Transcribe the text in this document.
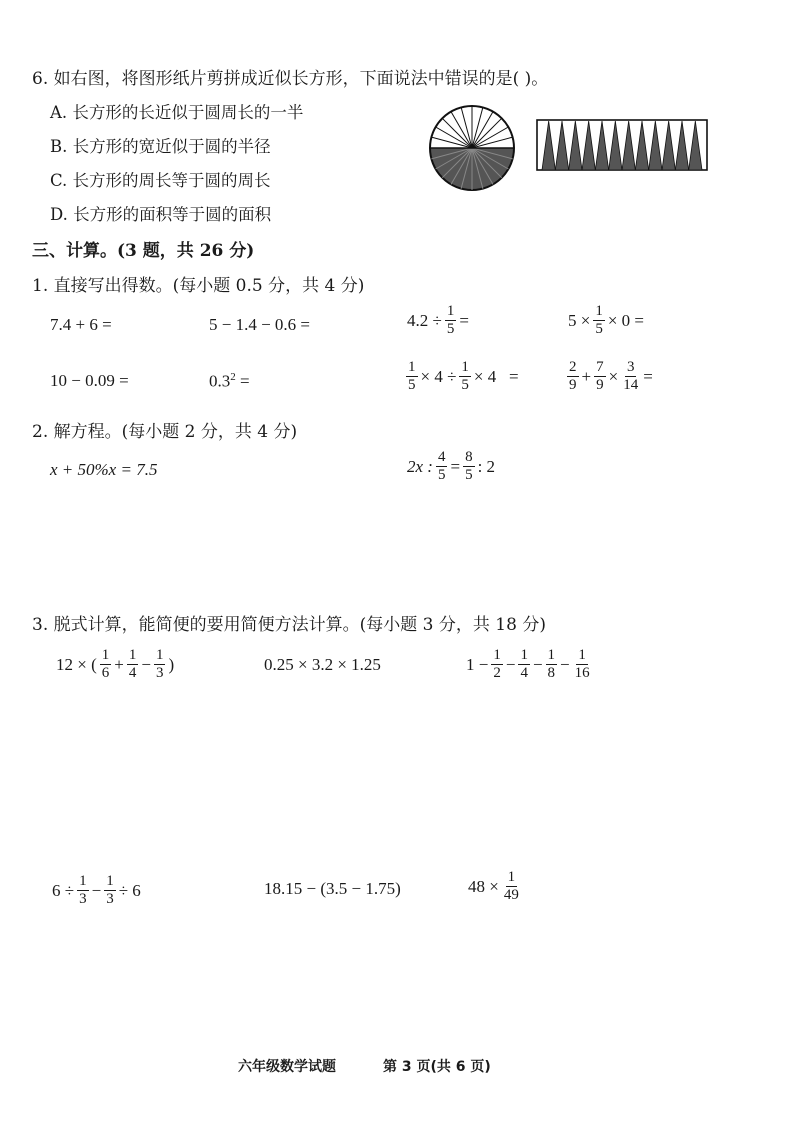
6. 如右图，将图形纸片剪拼成近似长方形，下面说法中错误的是( )。
A. 长方形的长近似于圆周长的一半
B. 长方形的宽近似于圆的半径
C. 长方形的周长等于圆的周长
D. 长方形的面积等于圆的面积
三、计算。(3 题，共 26 分)
1. 直接写出得数。(每小题 0.5 分，共 4 分)
7.4 + 6 =	5 − 1.4 − 0.6 =	$4.2 \div \frac{1}{5}$ =	$5 \times \frac{1}{5} \times 0$ =
10 − 0.09 =	$0.3^2$ =	$\frac{1}{5} \times 4 \div \frac{1}{5} \times 4$   =	$\frac{2}{9} + \frac{7}{9} \times \frac{3}{14}$ =
2. 解方程。(每小题 2 分，共 4 分)
x + 50%x = 7.5	2x : $\frac{4}{5} = \frac{8}{5}$ : 2
3. 脱式计算，能简便的要用简便方法计算。(每小题 3 分，共 18 分)
12 × ( $\frac{1}{6} + \frac{1}{4} - \frac{1}{3}$ )	0.25 × 3.2 × 1.25	$1 - \frac{1}{2} - \frac{1}{4} - \frac{1}{8} - \frac{1}{16}$
$6 \div \frac{1}{3} - \frac{1}{3} \div 6$	18.15 − (3.5 − 1.75)	$48 \times \frac{1}{49}$
六年级数学试题	第 3 页(共 6 页)
